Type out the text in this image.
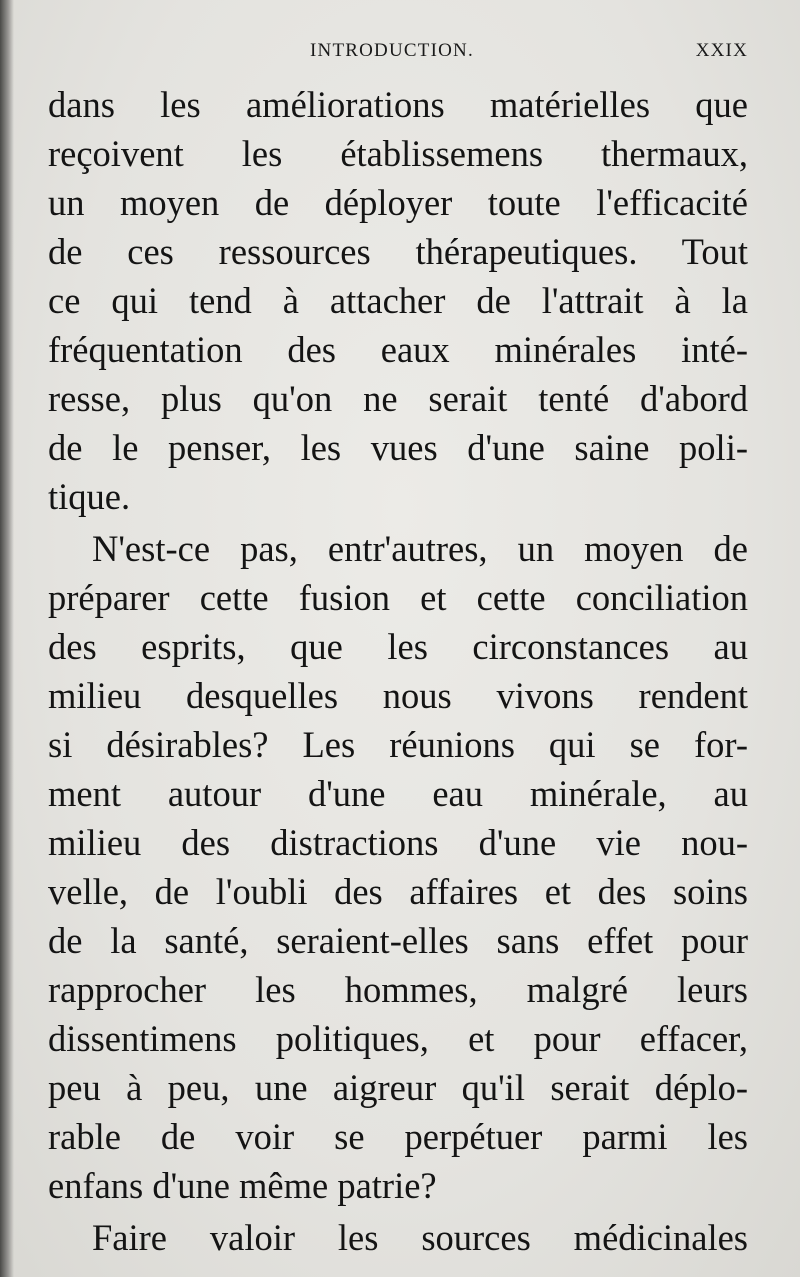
INTRODUCTION.	XXIX
dans les améliorations matérielles que
reçoivent les établissemens thermaux,
un moyen de déployer toute l'efficacité
de ces ressources thérapeutiques. Tout
ce qui tend à attacher de l'attrait à la
fréquentation des eaux minérales inté-
resse, plus qu'on ne serait tenté d'abord
de le penser, les vues d'une saine poli-
tique.
N'est-ce pas, entr'autres, un moyen de
préparer cette fusion et cette conciliation
des esprits, que les circonstances au
milieu desquelles nous vivons rendent
si désirables? Les réunions qui se for-
ment autour d'une eau minérale, au
milieu des distractions d'une vie nou-
velle, de l'oubli des affaires et des soins
de la santé, seraient-elles sans effet pour
rapprocher les hommes, malgré leurs
dissentimens politiques, et pour effacer,
peu à peu, une aigreur qu'il serait déplo-
rable de voir se perpétuer parmi les
enfans d'une même patrie?
Faire valoir les sources médicinales
